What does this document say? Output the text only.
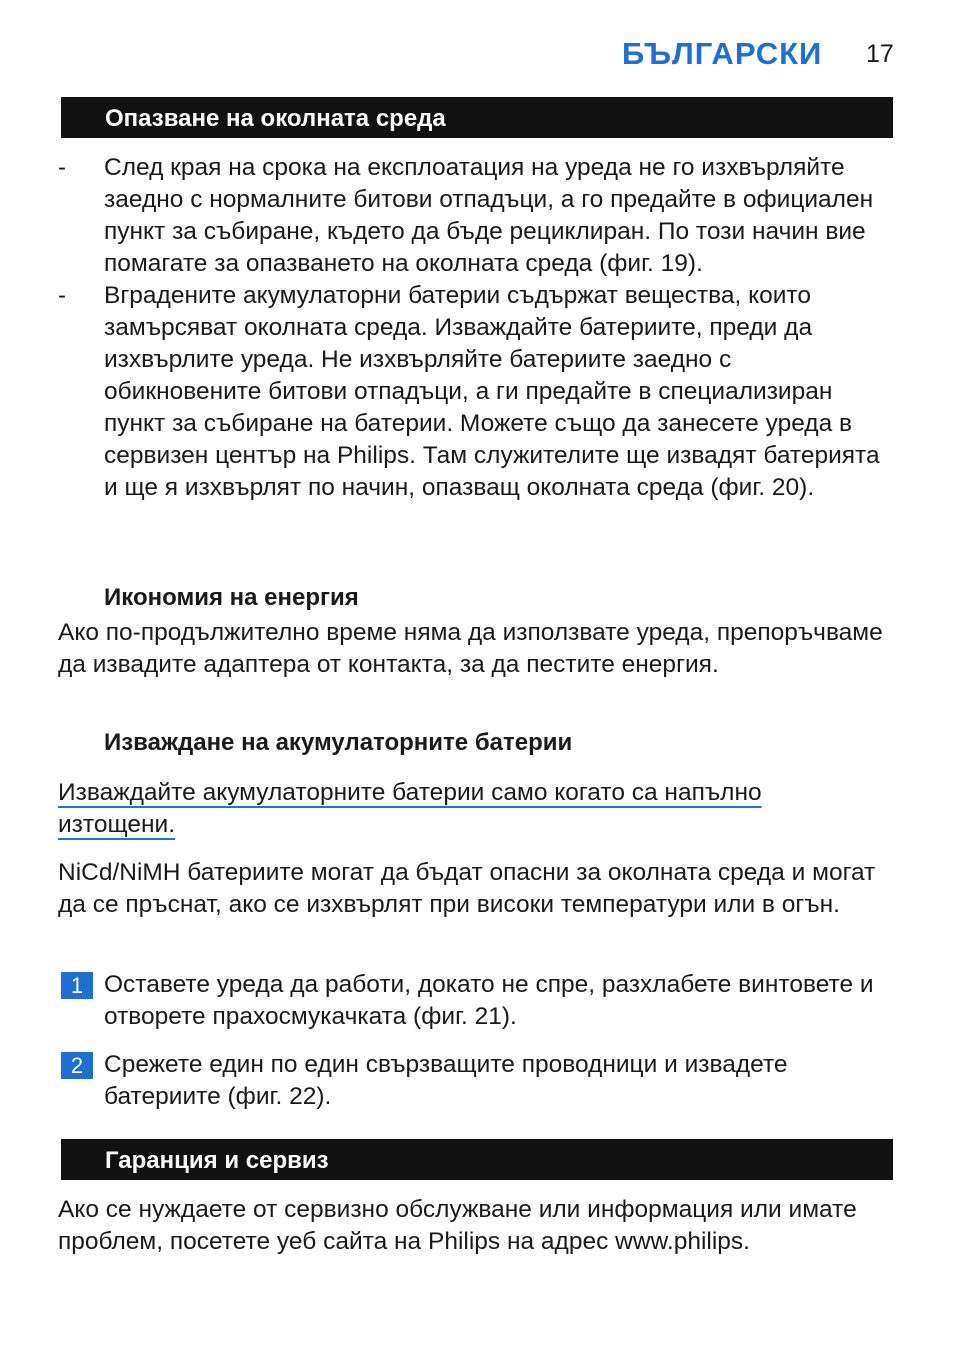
БЪЛГАРСКИ 17
Опазване на околната среда
- След края на срока на експлоатация на уреда не го изхвърляйте заедно с нормалните битови отпадъци, а го предайте в официален пункт за събиране, където да бъде рециклиран. По този начин вие помагате за опазването на околната среда (фиг. 19).
- Вградените акумулаторни батерии съдържат вещества, които замърсяват околната среда. Изваждайте батериите, преди да изхвърлите уреда. Не изхвърляйте батериите заедно с обикновените битови отпадъци, а ги предайте в специализиран пункт за събиране на батерии. Можете също да занесете уреда в сервизен център на Philips. Там служителите ще извадят батерията и ще я изхвърлят по начин, опазващ околната среда (фиг. 20).
Икономия на енергия
Ако по-продължително време няма да използвате уреда, препоръчваме да извадите адаптера от контакта, за да пестите енергия.
Изваждане на акумулаторните батерии
Изваждайте акумулаторните батерии само когато са напълно изтощени.
NiCd/NiMH батериите могат да бъдат опасни за околната среда и могат да се пръснат, ако се изхвърлят при високи температури или в огън.
1 Оставете уреда да работи, докато не спре, разхлабете винтовете и отворете прахосмукачката (фиг. 21).
2 Срежете един по един свързващите проводници и извадете батериите (фиг. 22).
Гаранция и сервиз
Ако се нуждаете от сервизно обслужване или информация или имате проблем, посетете уеб сайта на Philips на адрес www.philips.
